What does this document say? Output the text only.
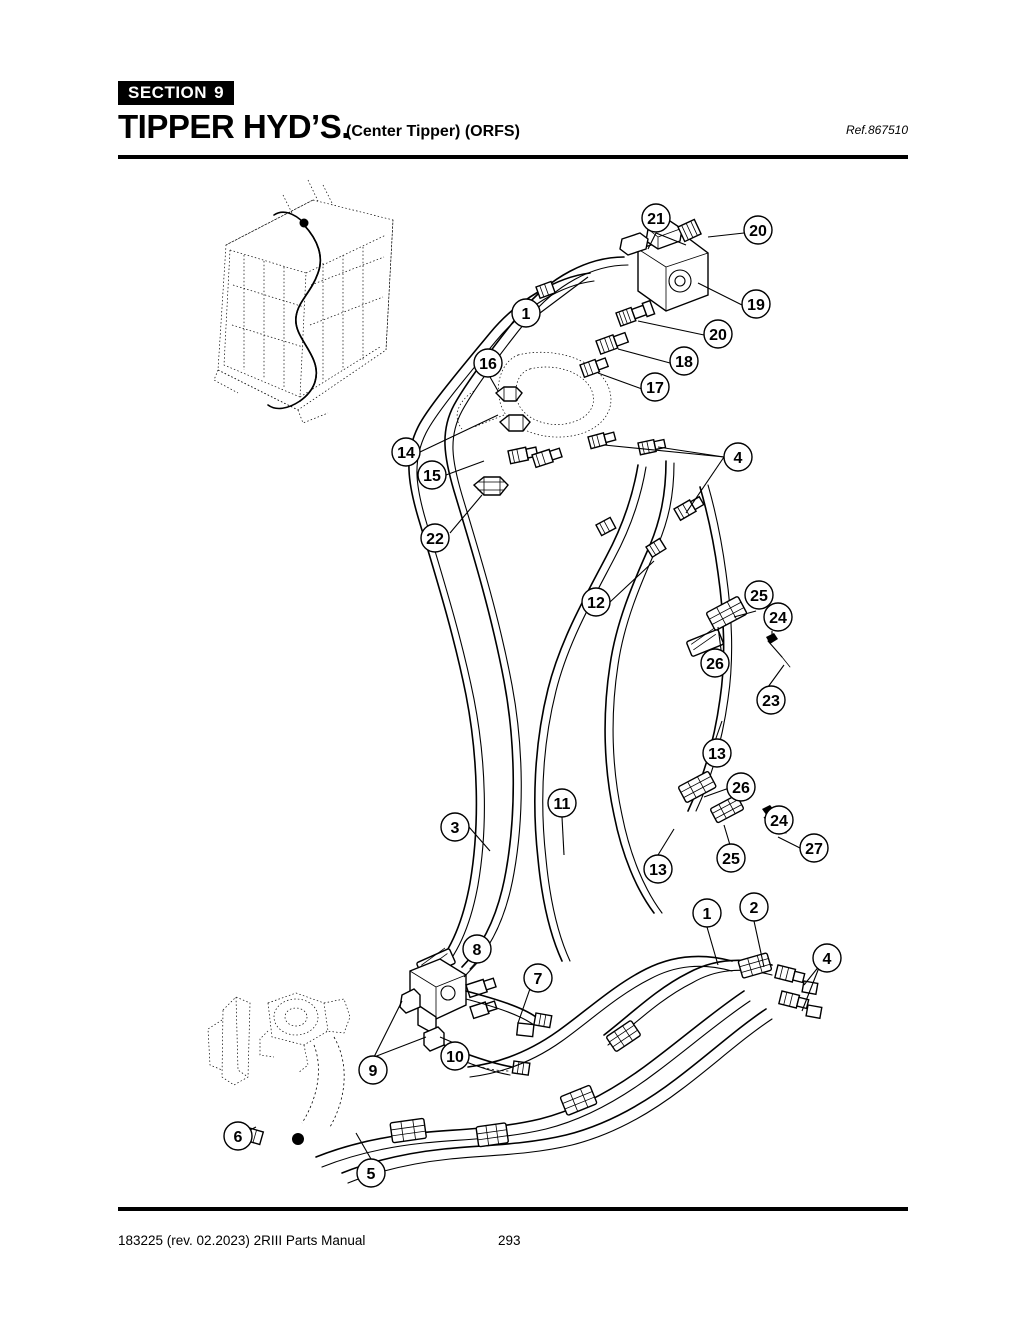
SECTION 9
TIPPER HYD’S.
(Center Tipper) (ORFS)	Ref.867510
21
20
1
19
20
18
16
17
14	4
15
22
25
24
12
26
23
13
26
11
24
3
13
25
27
1 2
4
8
7
9
10
6
5
183225 (rev. 02.2023) 2RIII Parts Manual	293
